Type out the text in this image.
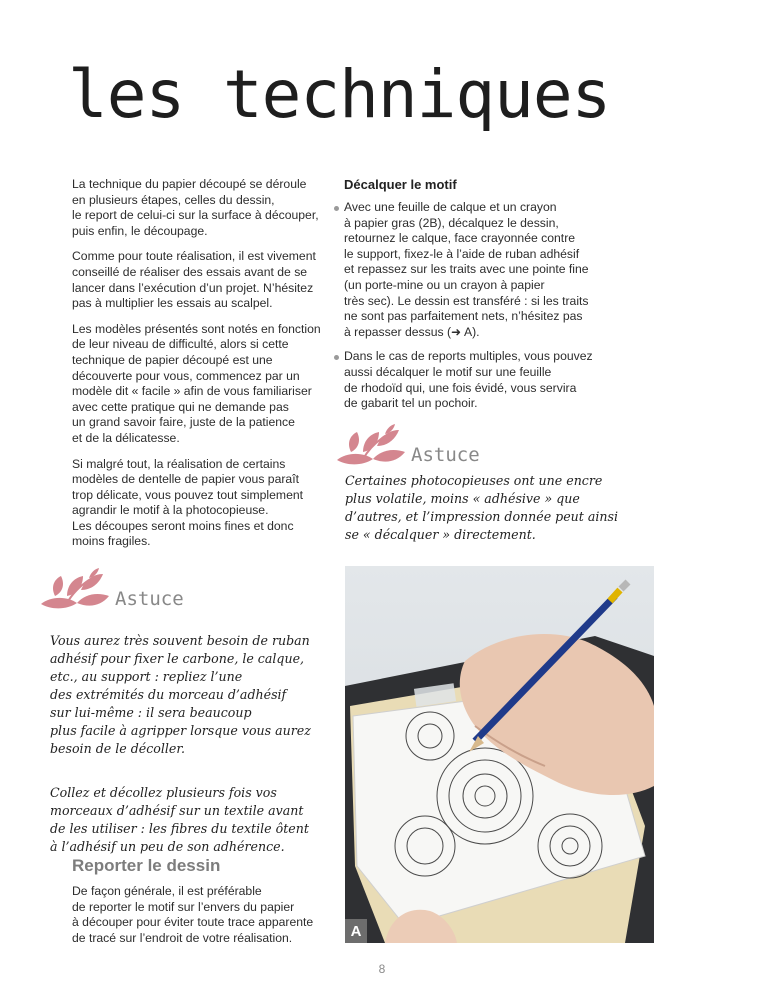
les techniques

La technique du papier découpé se déroule
en plusieurs étapes, celles du dessin,
le report de celui-ci sur la surface à découper,
puis enfin, le découpage.

Comme pour toute réalisation, il est vivement
conseillé de réaliser des essais avant de se
lancer dans l’exécution d’un projet. N’hésitez
pas à multiplier les essais au scalpel.

Les modèles présentés sont notés en fonction
de leur niveau de difficulté, alors si cette
technique de papier découpé est une
découverte pour vous, commencez par un
modèle dit « facile » afin de vous familiariser
avec cette pratique qui ne demande pas
un grand savoir faire, juste de la patience
et de la délicatesse.

Si malgré tout, la réalisation de certains
modèles de dentelle de papier vous paraît
trop délicate, vous pouvez tout simplement
agrandir le motif à la photocopieuse.
Les découpes seront moins fines et donc
moins fragiles.

Décalquer le motif
Avec une feuille de calque et un crayon
à papier gras (2B), décalquez le dessin,
retournez le calque, face crayonnée contre
le support, fixez-le à l’aide de ruban adhésif
et repassez sur les traits avec une pointe fine
(un porte-mine ou un crayon à papier
très sec). Le dessin est transféré : si les traits
ne sont pas parfaitement nets, n’hésitez pas
à repasser dessus (➜ A).
Dans le cas de reports multiples, vous pouvez
aussi décalquer le motif sur une feuille
de rhodoïd qui, une fois évidé, vous servira
de gabarit tel un pochoir.
Astuce
Certaines photocopieuses ont une encre
plus volatile, moins « adhésive » que
d’autres, et l’impression donnée peut ainsi
se « décalquer » directement.
Astuce

Vous aurez très souvent besoin de ruban
adhésif pour fixer le carbone, le calque,
etc., au support : repliez l’une
des extrémités du morceau d’adhésif
sur lui-même : il sera beaucoup
plus facile à agripper lorsque vous aurez
besoin de le décoller.

Collez et décollez plusieurs fois vos
morceaux d’adhésif sur un textile avant
de les utiliser : les fibres du textile ôtent
à l’adhésif un peu de son adhérence.

Reporter le dessin

De façon générale, il est préférable
de reporter le motif sur l’envers du papier
à découper pour éviter toute trace apparente
de tracé sur l’endroit de votre réalisation.	A
8
